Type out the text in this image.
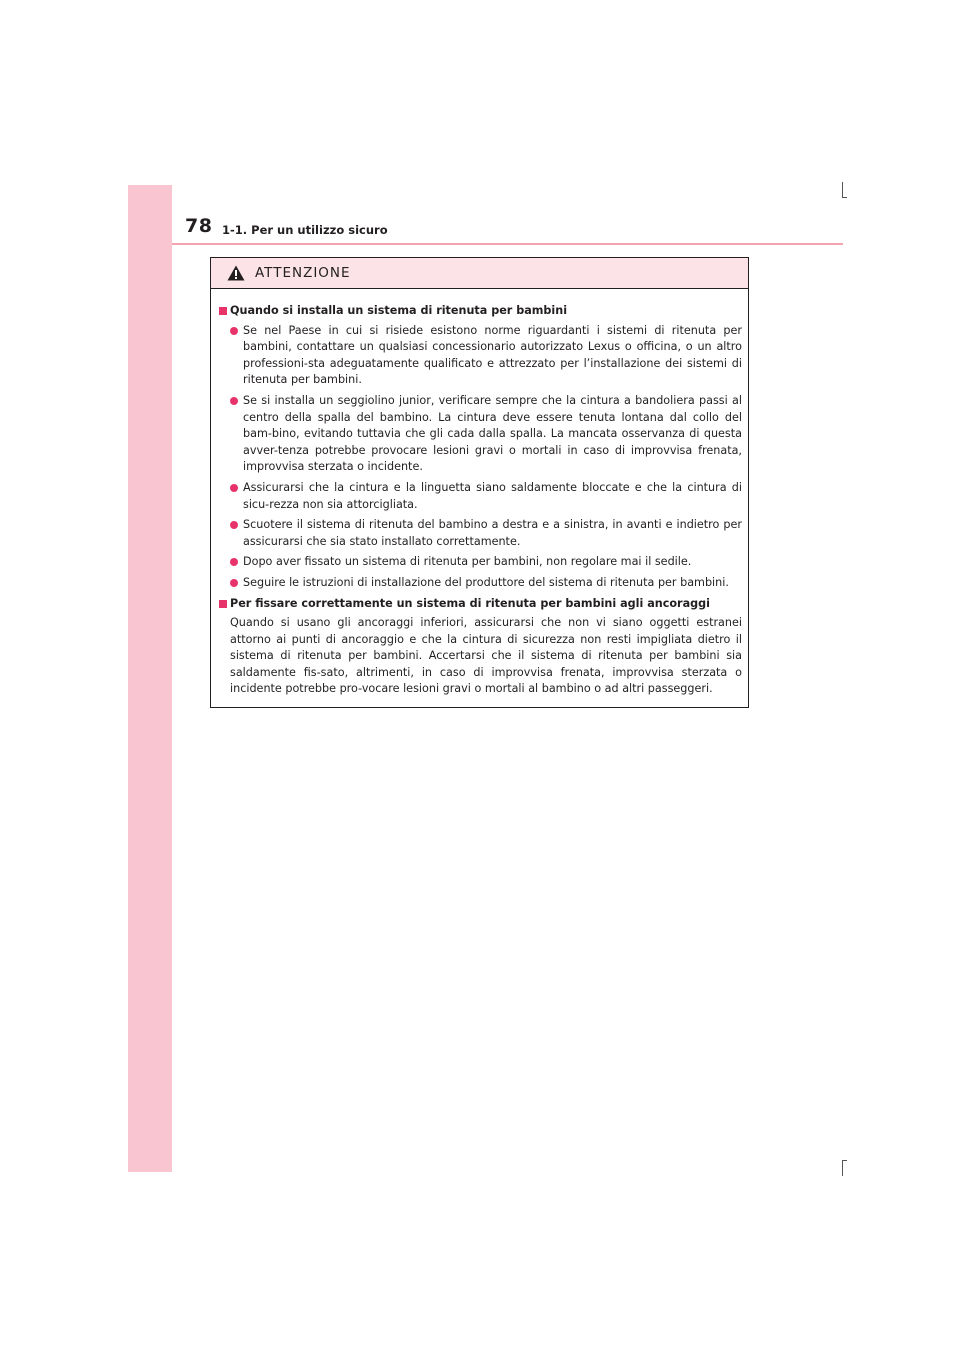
78 1-1. Per un utilizzo sicuro
ATTENZIONE
Quando si installa un sistema di ritenuta per bambini
Se nel Paese in cui si risiede esistono norme riguardanti i sistemi di ritenuta per bambini, contattare un qualsiasi concessionario autorizzato Lexus o officina, o un altro professioni-sta adeguatamente qualificato e attrezzato per l’installazione dei sistemi di ritenuta per bambini.
Se si installa un seggiolino junior, verificare sempre che la cintura a bandoliera passi al centro della spalla del bambino. La cintura deve essere tenuta lontana dal collo del bam-bino, evitando tuttavia che gli cada dalla spalla. La mancata osservanza di questa avver-tenza potrebbe provocare lesioni gravi o mortali in caso di improvvisa frenata, improvvisa sterzata o incidente.
Assicurarsi che la cintura e la linguetta siano saldamente bloccate e che la cintura di sicu-rezza non sia attorcigliata.
Scuotere il sistema di ritenuta del bambino a destra e a sinistra, in avanti e indietro per assicurarsi che sia stato installato correttamente.
Dopo aver fissato un sistema di ritenuta per bambini, non regolare mai il sedile.
Seguire le istruzioni di installazione del produttore del sistema di ritenuta per bambini.
Per fissare correttamente un sistema di ritenuta per bambini agli ancoraggi
Quando si usano gli ancoraggi inferiori, assicurarsi che non vi siano oggetti estranei attorno ai punti di ancoraggio e che la cintura di sicurezza non resti impigliata dietro il sistema di ritenuta per bambini. Accertarsi che il sistema di ritenuta per bambini sia saldamente fis-sato, altrimenti, in caso di improvvisa frenata, improvvisa sterzata o incidente potrebbe pro-vocare lesioni gravi o mortali al bambino o ad altri passeggeri.
